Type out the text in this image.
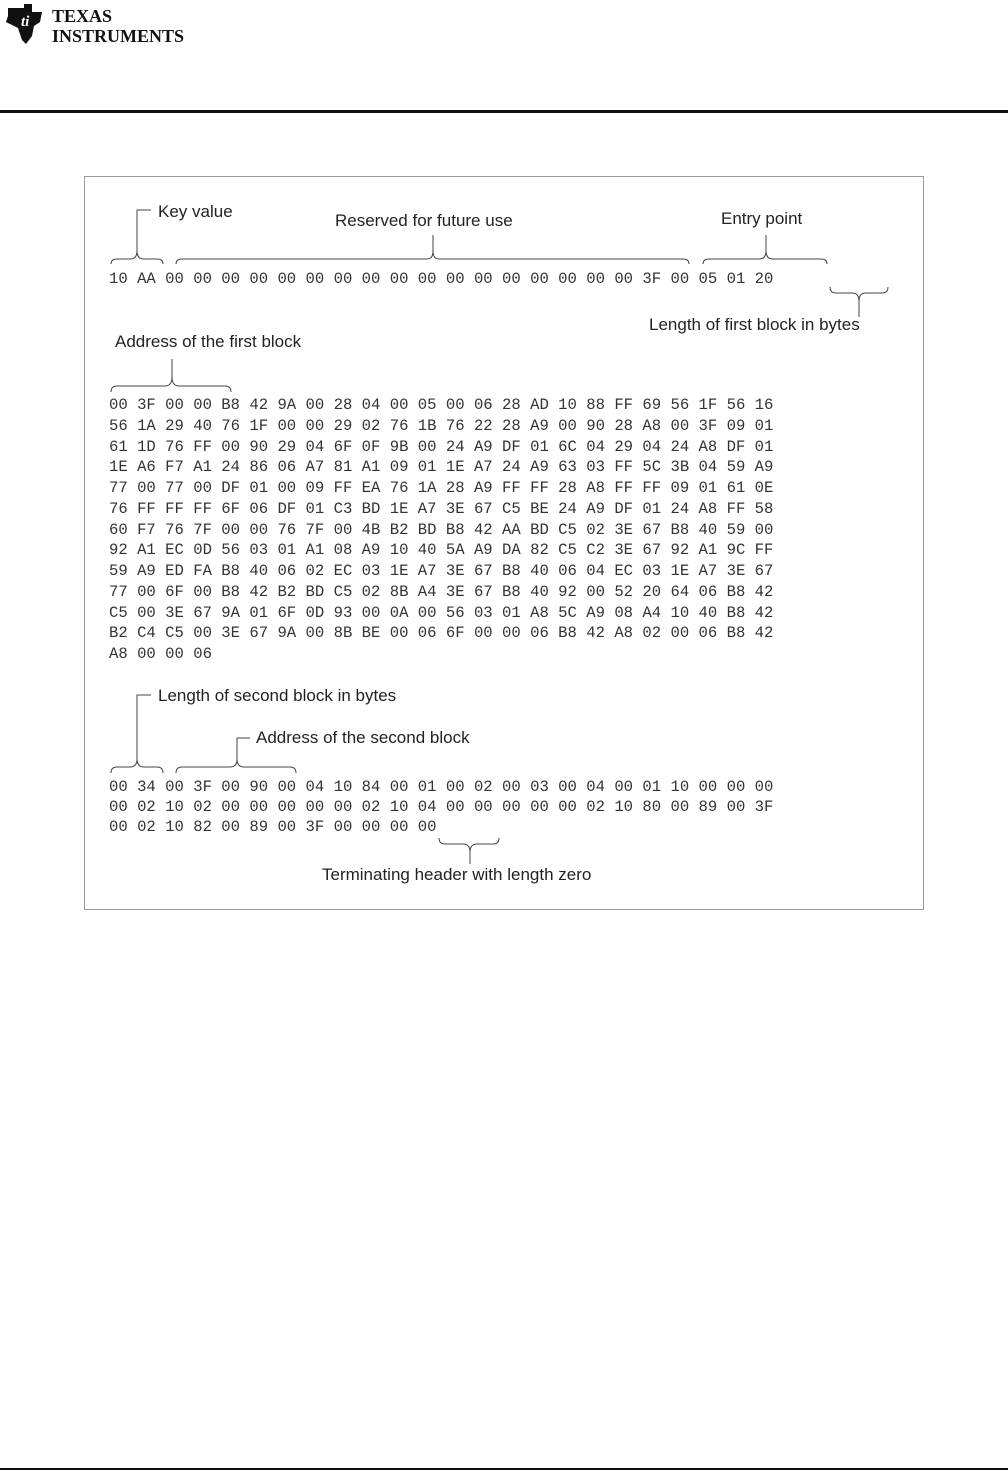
ti TEXAS
INSTRUMENTS
Key value	Reserved for future use	Entry point
10 AA 00 00 00 00 00 00 00 00 00 00 00 00 00 00 00 00 00 3F 00 05 01 20
Length of first block in bytes
Address of the first block
00 3F 00 00 B8 42 9A 00 28 04 00 05 00 06 28 AD 10 88 FF 69 56 1F 56 16
56 1A 29 40 76 1F 00 00 29 02 76 1B 76 22 28 A9 00 90 28 A8 00 3F 09 01
61 1D 76 FF 00 90 29 04 6F 0F 9B 00 24 A9 DF 01 6C 04 29 04 24 A8 DF 01
1E A6 F7 A1 24 86 06 A7 81 A1 09 01 1E A7 24 A9 63 03 FF 5C 3B 04 59 A9
77 00 77 00 DF 01 00 09 FF EA 76 1A 28 A9 FF FF 28 A8 FF FF 09 01 61 0E
76 FF FF FF 6F 06 DF 01 C3 BD 1E A7 3E 67 C5 BE 24 A9 DF 01 24 A8 FF 58
60 F7 76 7F 00 00 76 7F 00 4B B2 BD B8 42 AA BD C5 02 3E 67 B8 40 59 00
92 A1 EC 0D 56 03 01 A1 08 A9 10 40 5A A9 DA 82 C5 C2 3E 67 92 A1 9C FF
59 A9 ED FA B8 40 06 02 EC 03 1E A7 3E 67 B8 40 06 04 EC 03 1E A7 3E 67
77 00 6F 00 B8 42 B2 BD C5 02 8B A4 3E 67 B8 40 92 00 52 20 64 06 B8 42
C5 00 3E 67 9A 01 6F 0D 93 00 0A 00 56 03 01 A8 5C A9 08 A4 10 40 B8 42
B2 C4 C5 00 3E 67 9A 00 8B BE 00 06 6F 00 00 06 B8 42 A8 02 00 06 B8 42
A8 00 00 06
Length of second block in bytes
Address of the second block
00 34 00 3F 00 90 00 04 10 84 00 01 00 02 00 03 00 04 00 01 10 00 00 00
00 02 10 02 00 00 00 00 00 02 10 04 00 00 00 00 00 02 10 80 00 89 00 3F
00 02 10 82 00 89 00 3F 00 00 00 00
Terminating header with length zero
